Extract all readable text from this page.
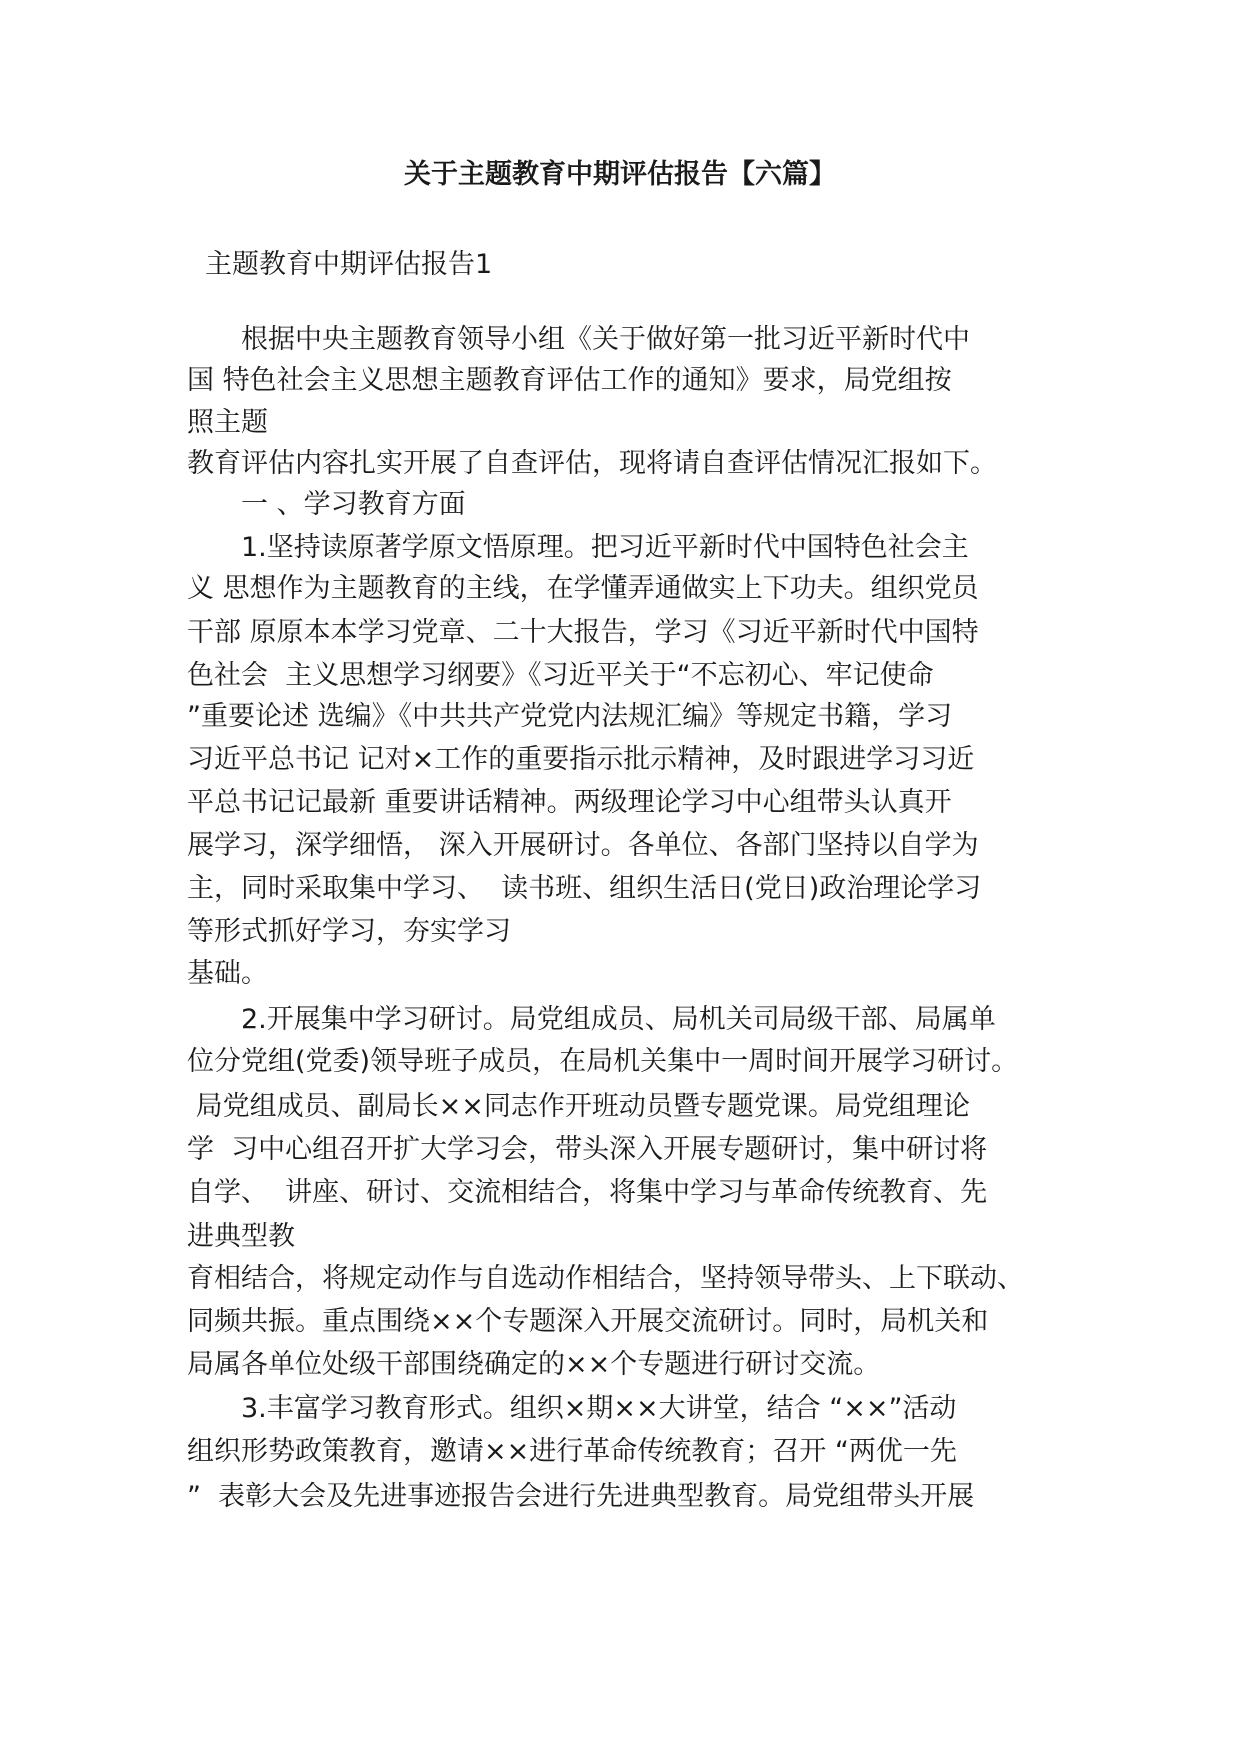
关于主题教育中期评估报告【六篇】
主题教育中期评估报告1
　　根据中央主题教育领导小组《关于做好第一批习近平新时代中
国 特色社会主义思想主题教育评估工作的通知》要求，局党组按
照主题
教育评估内容扎实开展了自查评估，现将请自查评估情况汇报如下。
　　一 、学习教育方面
　　1.坚持读原著学原文悟原理。把习近平新时代中国特色社会主
义 思想作为主题教育的主线，在学懂弄通做实上下功夫。组织党员
干部 原原本本学习党章、二十大报告，学习《习近平新时代中国特
色社会  主义思想学习纲要》《习近平关于“不忘初心、牢记使命
”重要论述 选编》《中共共产党党内法规汇编》等规定书籍，学习
习近平总书记 记对×工作的重要指示批示精神，及时跟进学习习近
平总书记记最新 重要讲话精神。两级理论学习中心组带头认真开
展学习，深学细悟， 深入开展研讨。各单位、各部门坚持以自学为
主，同时采取集中学习、  读书班、组织生活日(党日)政治理论学习
等形式抓好学习，夯实学习
基础。
　　2.开展集中学习研讨。局党组成员、局机关司局级干部、局属单
位分党组(党委)领导班子成员，在局机关集中一周时间开展学习研讨。
局党组成员、副局长××同志作开班动员暨专题党课。局党组理论
学  习中心组召开扩大学习会，带头深入开展专题研讨，集中研讨将
自学、  讲座、研讨、交流相结合，将集中学习与革命传统教育、先
进典型教
育相结合，将规定动作与自选动作相结合，坚持领导带头、上下联动、
同频共振。重点围绕××个专题深入开展交流研讨。同时，局机关和
局属各单位处级干部围绕确定的××个专题进行研讨交流。
　　3.丰富学习教育形式。组织×期××大讲堂，结合 “××”活动
组织形势政策教育，邀请××进行革命传统教育；召开 “两优一先
”  表彰大会及先进事迹报告会进行先进典型教育。局党组带头开展
